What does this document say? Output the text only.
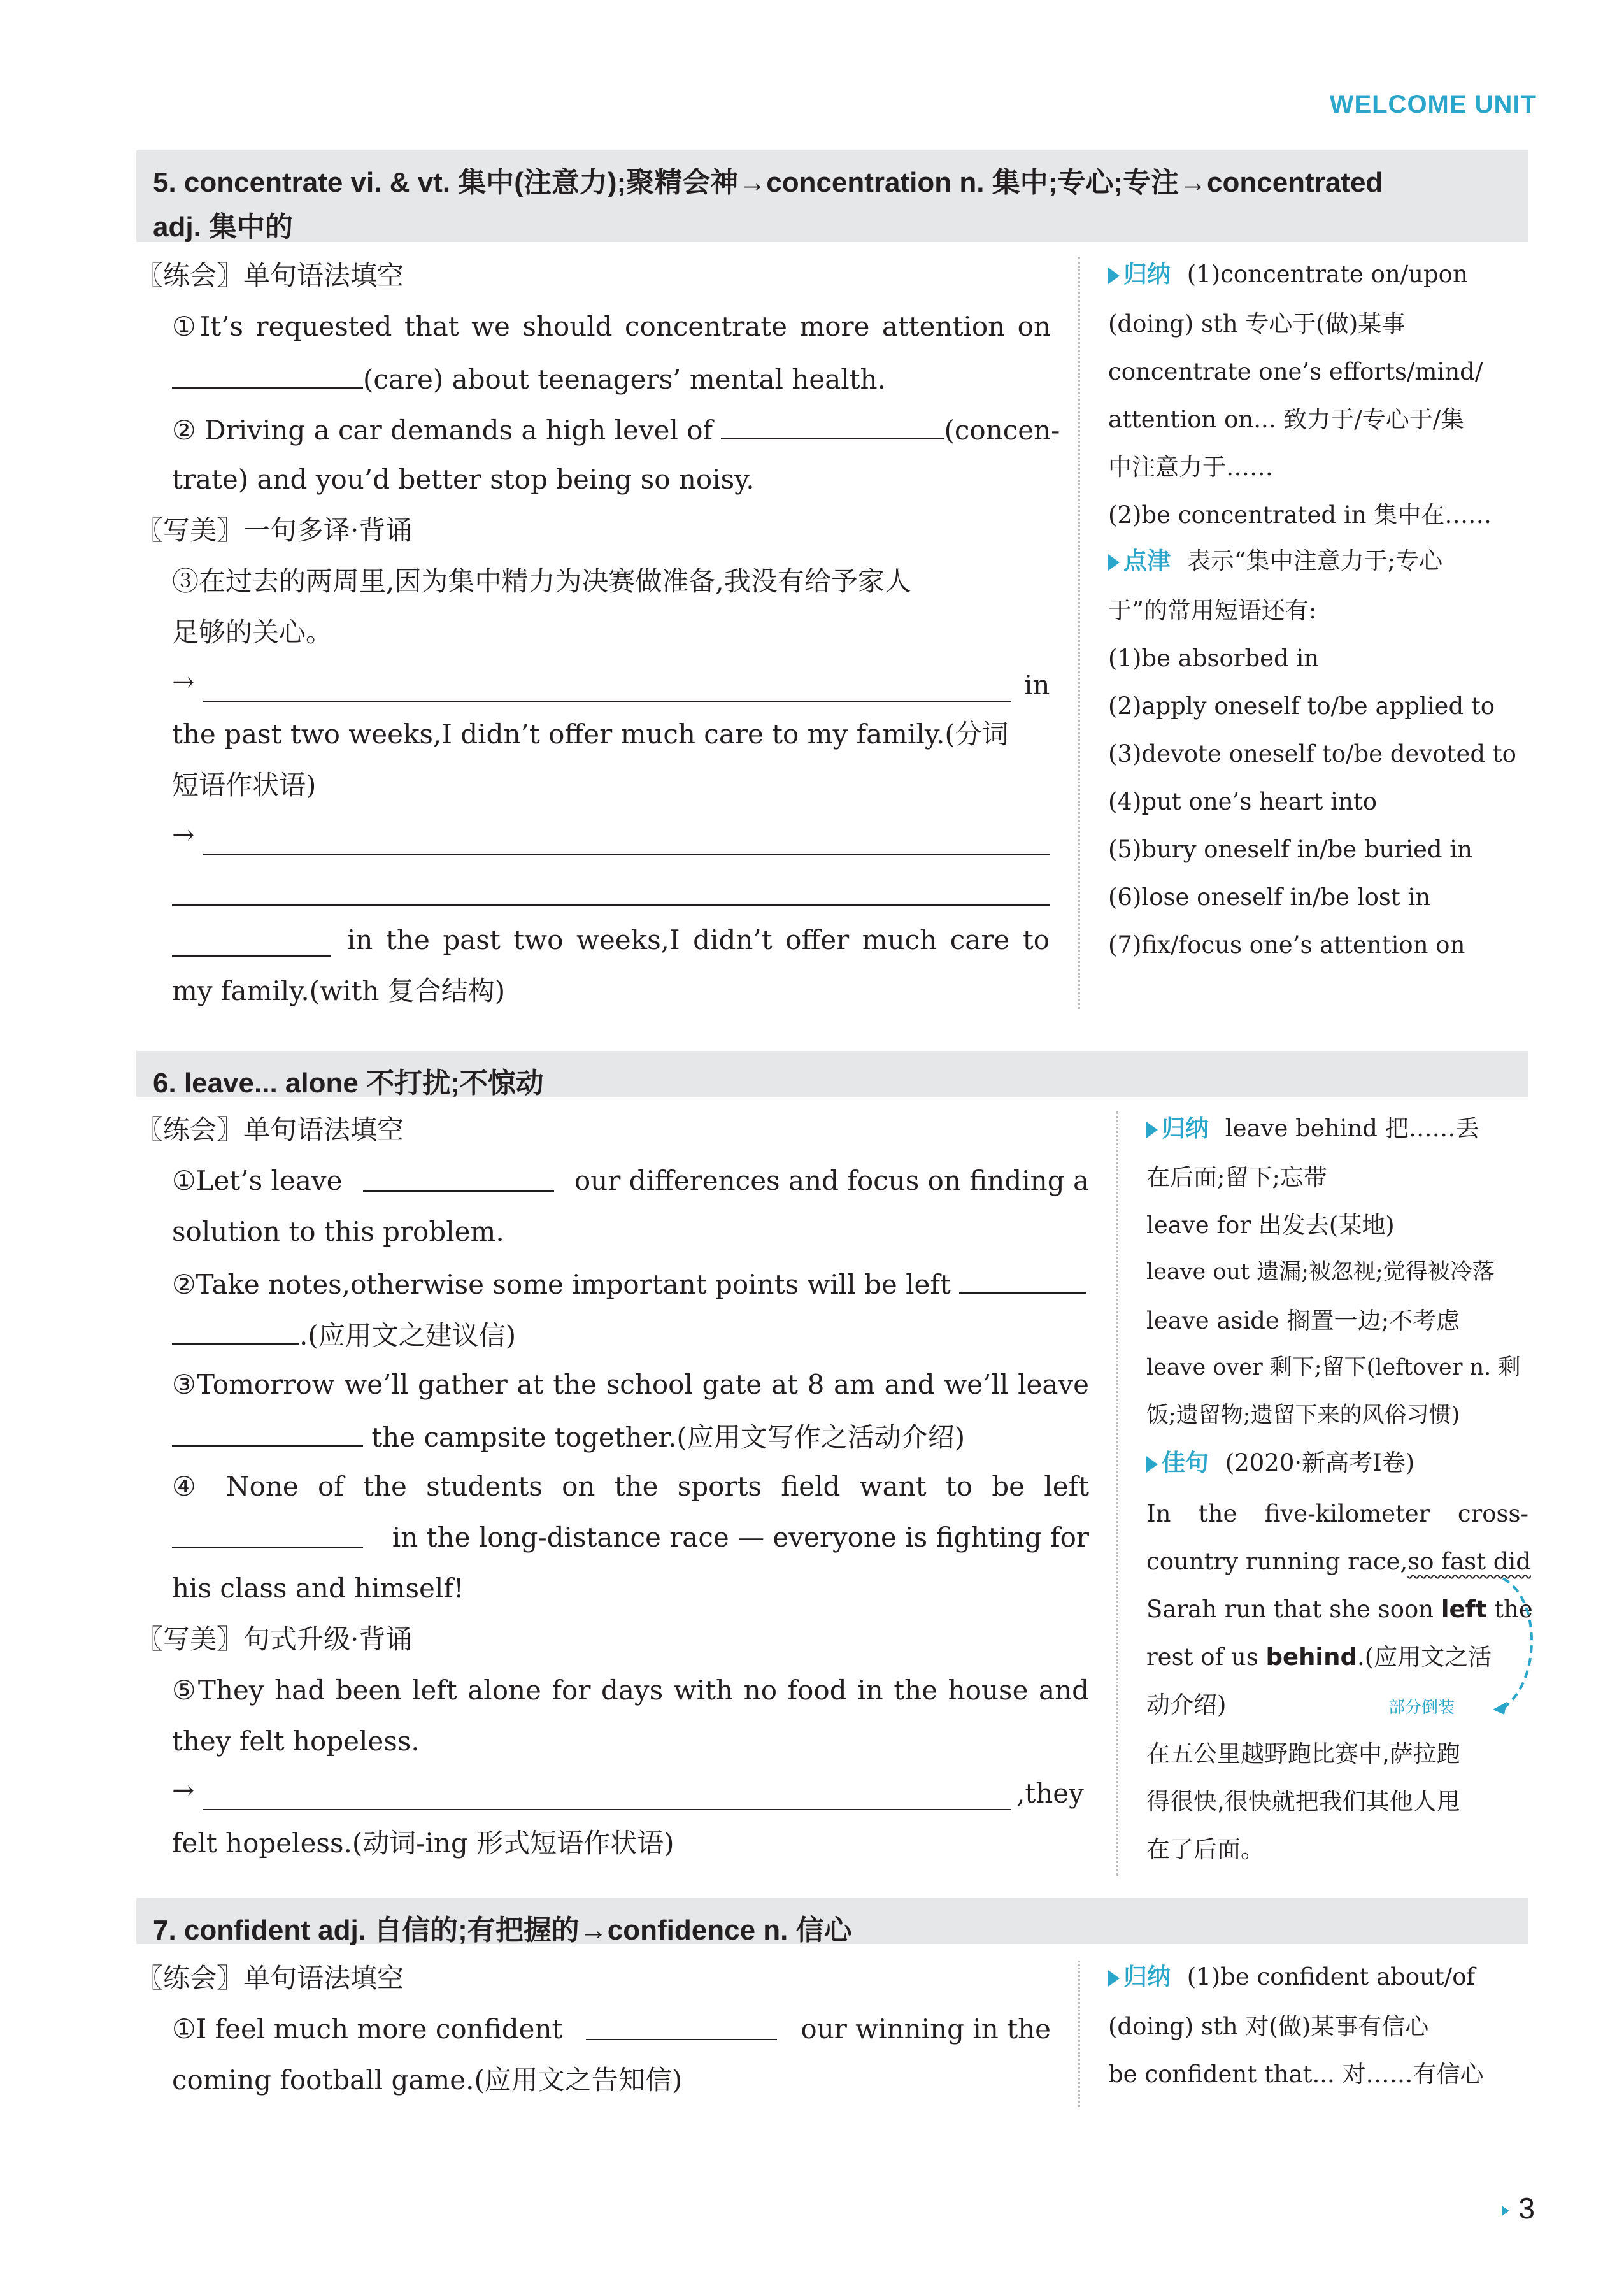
WELCOME UNIT
5. concentrate vi. & vt. 集中(注意力);聚精会神→concentration n. 集中;专心;专注→concentrated
adj. 集中的
〖练会〗单句语法填空
①It’s requested that we should concentrate more attention on
(care) about teenagers’ mental health.
② Driving a car demands a high level of	(concen-
trate) and you’d better stop being so noisy.
〖写美〗一句多译·背诵
③在过去的两周里,因为集中精力为决赛做准备,我没有给予家人
足够的关心。
→	in
the past two weeks,I didn’t offer much care to my family.(分词
短语作状语)
→
in the past two weeks,I didn’t offer much care to
my family.(with 复合结构)
归纳 (1)concentrate on/upon
(doing) sth 专心于(做)某事
concentrate one’s efforts/mind/
attention on... 致力于/专心于/集
中注意力于……
(2)be concentrated in 集中在……
点津 表示“集中注意力于;专心
于”的常用短语还有:
(1)be absorbed in
(2)apply oneself to/be applied to
(3)devote oneself to/be devoted to
(4)put one’s heart into
(5)bury oneself in/be buried in
(6)lose oneself in/be lost in
(7)fix/focus one’s attention on
6. leave... alone 不打扰;不惊动
〖练会〗单句语法填空
①Let’s leave	our differences and focus on finding a
solution to this problem.
②Take notes,otherwise some important points will be left
.(应用文之建议信)
③Tomorrow we’ll gather at the school gate at 8 am and we’ll leave
the campsite together.(应用文写作之活动介绍)
④ None of the students on the sports field want to be left
in the long-distance race — everyone is fighting for
his class and himself!
〖写美〗句式升级·背诵
⑤They had been left alone for days with no food in the house and
they felt hopeless.
→	,they
felt hopeless.(动词-ing 形式短语作状语)
归纳 leave behind 把……丢
在后面;留下;忘带
leave for 出发去(某地)
leave out 遗漏;被忽视;觉得被冷落
leave aside 搁置一边;不考虑
leave over 剩下;留下(leftover n. 剩
饭;遗留物;遗留下来的风俗习惯)
佳句 (2020·新高考Ⅰ卷)
In the five-kilometer cross-
country running race,so fast did
Sarah run that she soon left the
rest of us behind.(应用文之活
动介绍)	部分倒装
在五公里越野跑比赛中,萨拉跑
得很快,很快就把我们其他人甩
在了后面。
7. confident adj. 自信的;有把握的→confidence n. 信心
〖练会〗单句语法填空
①I feel much more confident	our winning in the
coming football game.(应用文之告知信)
归纳 (1)be confident about/of
(doing) sth 对(做)某事有信心
be confident that... 对……有信心
3
